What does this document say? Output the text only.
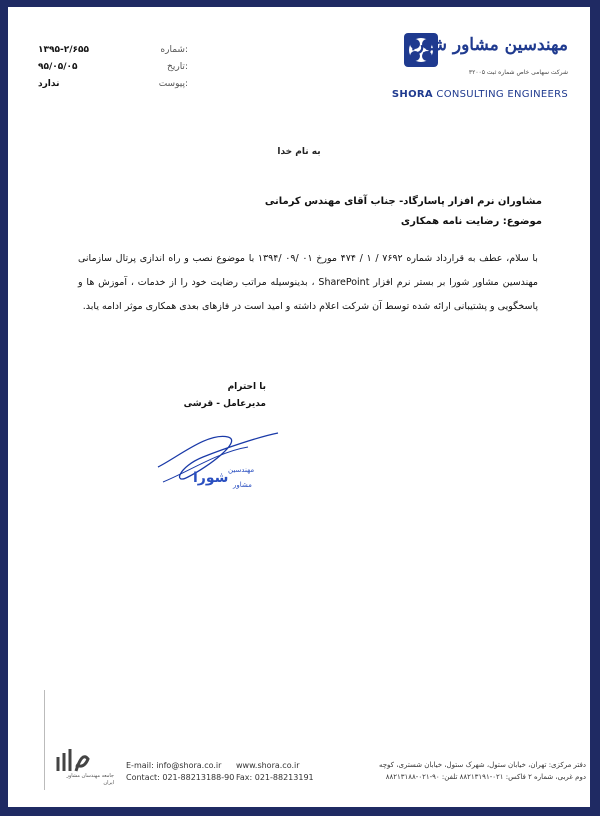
۱۳۹۵-۲/۶۵۵	شماره:
۹۵/۰۵/۰۵	تاریخ:
ندارد	پیوست:
مهندسین مشاور شورا
شرکت سهامی خاص شماره ثبت ۳۲۰۰۵
SHORA CONSULTING ENGINEERS
به نام خدا
مشاوران نرم افزار پاسارگاد- جناب آقای مهندس کرمانی
موضوع: رضایت نامه همکاری
با سلام، عطف به قرارداد شماره ۷۶۹۲ / ۱ / ۴۷۴ مورخ ۰۱ /۰۹ /۱۳۹۴ با موضوع نصب و راه اندازی پرتال سازمانی مهندسین مشاور شورا بر بستر نرم افزار SharePoint ، بدینوسیله مراتب رضایت خود را از خدمات ، آموزش ها و پاسخگویی و پشتیبانی ارائه شده توسط آن شرکت اعلام داشته و امید است در فازهای بعدی همکاری موثر ادامه یابد.
با احترام
مدیرعامل - قرشی
شورا مهندسین
مشاور
جامعه مهندسان مشاور ایران
E-mail: info@shora.co.ir	www.shora.co.ir	دفتر مرکزی: تهران، خیابان ستول، شهرک ستول، خیابان شستری، کوچه
Contact: 021-88213188-90 Fax: 021-88213191	دوم غربی، شماره ۲ فاکس: ۰۲۱-۸۸۲۱۳۱۹۱ تلفن: ۹۰-۰۲۱-۸۸۲۱۳۱۸۸
